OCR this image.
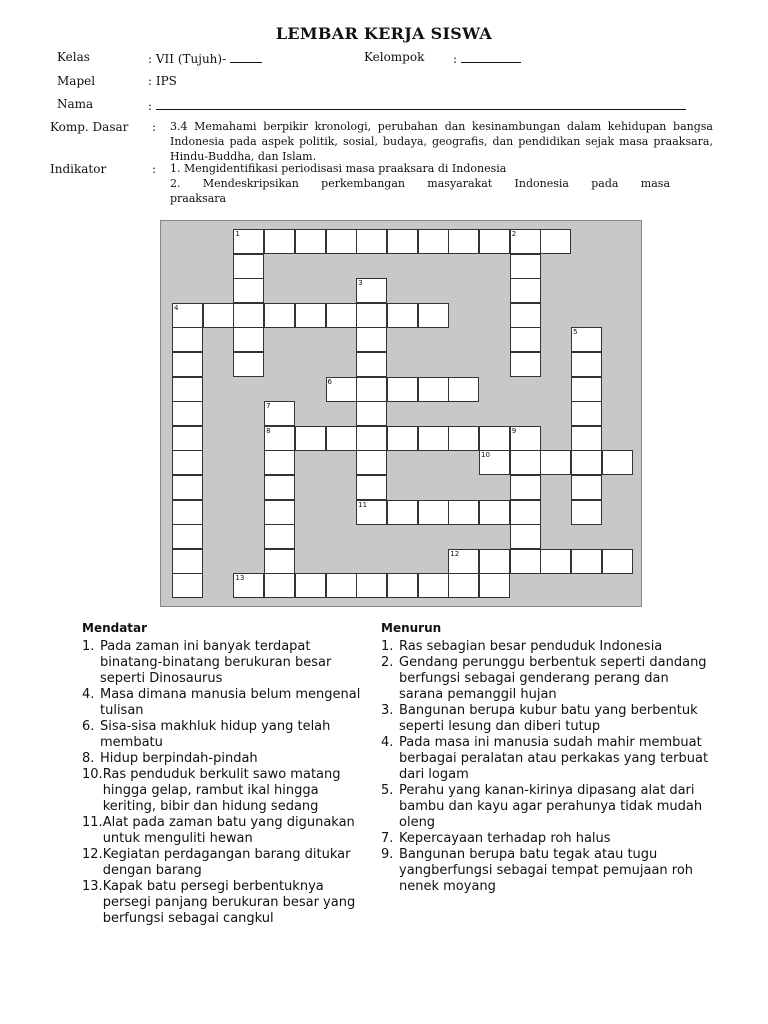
LEMBAR KERJA SISWA
Kelas	: VII (Tujuh)-	Kelompok :
Mapel	: IPS
Nama	:
Komp. Dasar : 3.4 Memahami berpikir kronologi, perubahan dan kesinambungan dalam kehidupan bangsa Indonesia pada aspek politik, sosial, budaya, geografis, dan pendidikan sejak masa praaksara, Hindu-Buddha, dan Islam.
Indikator	: 1. Mengidentifikasi periodisasi masa praaksara di Indonesia
2. Mendeskripsikan perkembangan masyarakat Indonesia pada masa
praaksara
1	2
4
6
8	9
10
11
12
13
3
5
7
Mendatar
1. Pada zaman ini banyak terdapat binatang-binatang berukuran besar seperti Dinosaurus
4. Masa dimana manusia belum mengenal tulisan
6. Sisa-sisa makhluk hidup yang telah membatu
8. Hidup berpindah-pindah
10. Ras penduduk berkulit sawo matang hingga gelap, rambut ikal hingga keriting, bibir dan hidung sedang
11. Alat pada zaman batu yang digunakan untuk menguliti hewan
12. Kegiatan perdagangan barang ditukar dengan barang
13. Kapak batu persegi berbentuknya persegi panjang berukuran besar yang berfungsi sebagai cangkul
Menurun
1. Ras sebagian besar penduduk Indonesia
2. Gendang perunggu berbentuk seperti dandang berfungsi sebagai genderang perang dan sarana pemanggil hujan
3. Bangunan berupa kubur batu yang berbentuk seperti lesung dan diberi tutup
4. Pada masa ini manusia sudah mahir membuat berbagai peralatan atau perkakas yang terbuat dari logam
5. Perahu yang kanan-kirinya dipasang alat dari bambu dan kayu agar perahunya tidak mudah oleng
7. Kepercayaan terhadap roh halus
9. Bangunan berupa batu tegak atau tugu yangberfungsi sebagai tempat pemujaan roh nenek moyang
